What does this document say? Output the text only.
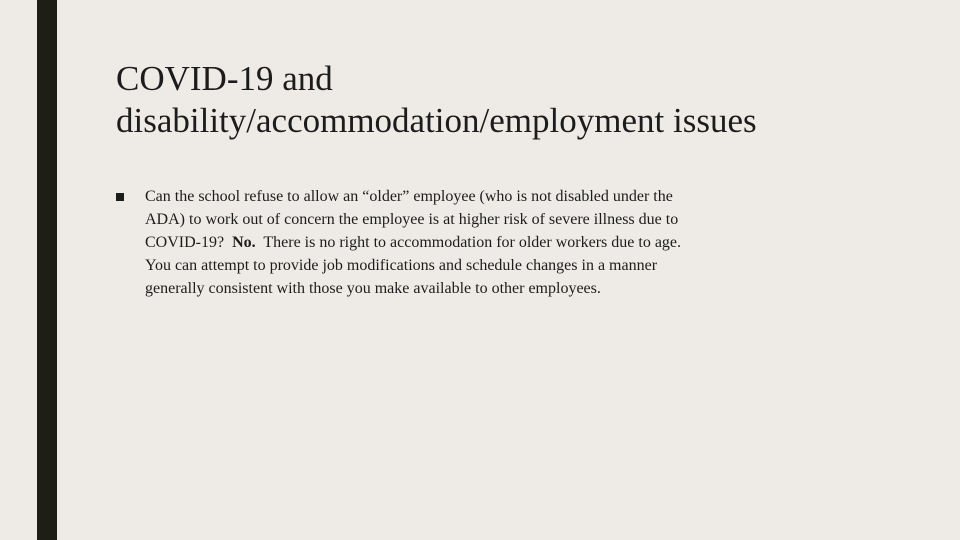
COVID-19 and
disability/accommodation/employment issues
Can the school refuse to allow an “older” employee (who is not disabled under the
ADA) to work out of concern the employee is at higher risk of severe illness due to
COVID-19?  No.  There is no right to accommodation for older workers due to age.
You can attempt to provide job modifications and schedule changes in a manner
generally consistent with those you make available to other employees.
